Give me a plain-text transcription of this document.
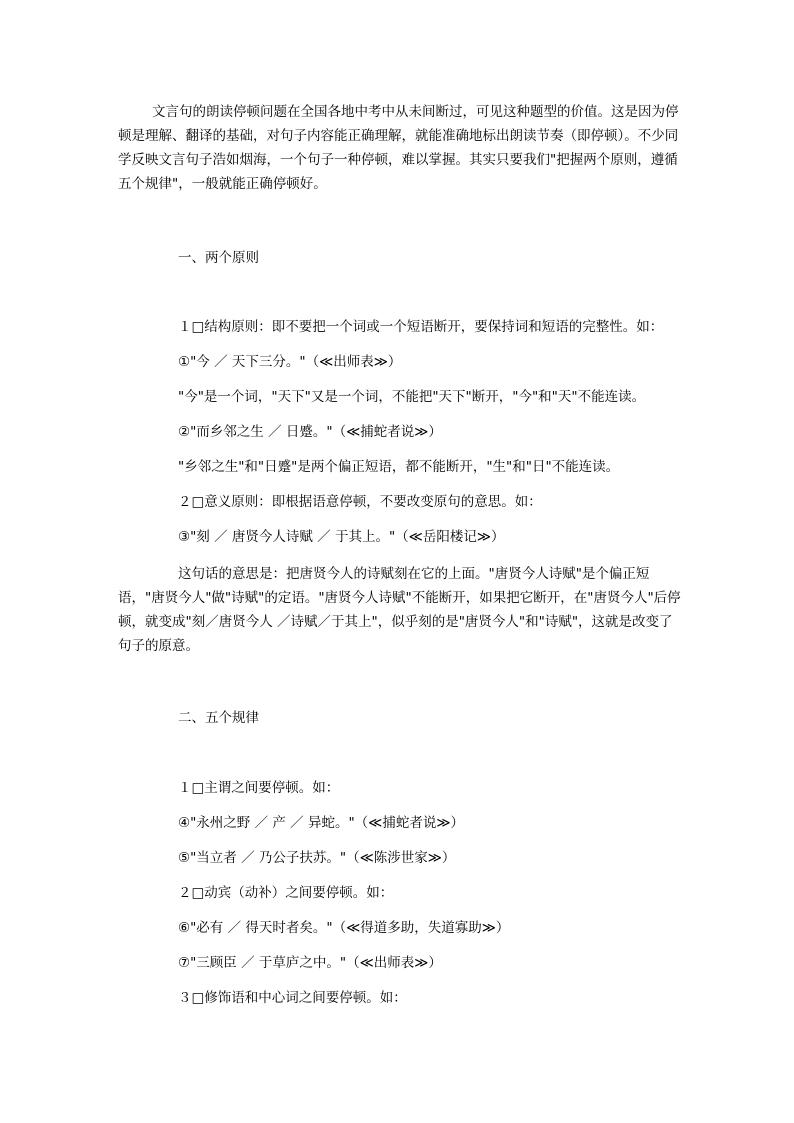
文言句的朗读停顿问题在全国各地中考中从未间断过，可见这种题型的价值。这是因为停顿是理解、翻译的基础，对句子内容能正确理解，就能准确地标出朗读节奏（即停顿）。不少同学反映文言句子浩如烟海，一个句子一种停顿，难以掌握。其实只要我们"把握两个原则，遵循五个规律"，一般就能正确停顿好。

一、两个原则

１□结构原则：即不要把一个词或一个短语断开，要保持词和短语的完整性。如：

①"今 ／ 天下三分。"（≪出师表≫）

"今"是一个词，"天下"又是一个词，不能把"天下"断开，"今"和"天"不能连读。

②"而乡邻之生 ／ 日蹙。"（≪捕蛇者说≫）

"乡邻之生"和"日蹙"是两个偏正短语，都不能断开，"生"和"日"不能连读。

２□意义原则：即根据语意停顿，不要改变原句的意思。如：

③"刻 ／ 唐贤今人诗赋 ／ 于其上。"（≪岳阳楼记≫）

这句话的意思是：把唐贤今人的诗赋刻在它的上面。"唐贤今人诗赋"是个偏正短语，"唐贤今人"做"诗赋"的定语。"唐贤今人诗赋"不能断开，如果把它断开，在"唐贤今人"后停顿，就变成"刻／唐贤今人 ／诗赋／于其上"，似乎刻的是"唐贤今人"和"诗赋"，这就是改变了句子的原意。

二、五个规律

１□主谓之间要停顿。如：

④"永州之野 ／ 产 ／ 异蛇。"（≪捕蛇者说≫）

⑤"当立者 ／ 乃公子扶苏。"（≪陈涉世家≫）

２□动宾（动补）之间要停顿。如：

⑥"必有 ／ 得天时者矣。"（≪得道多助，失道寡助≫）

⑦"三顾臣 ／ 于草庐之中。"（≪出师表≫）

３□修饰语和中心词之间要停顿。如：
